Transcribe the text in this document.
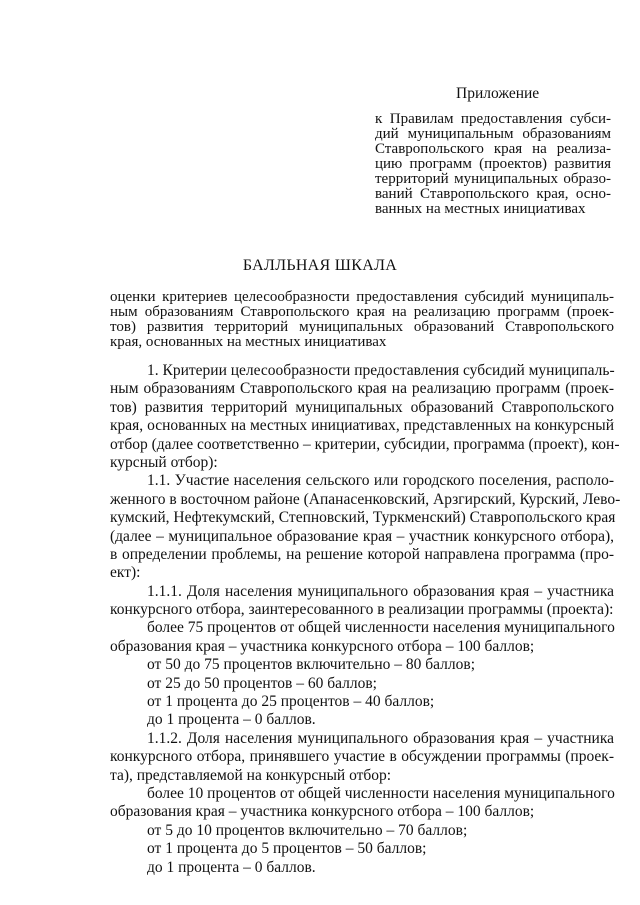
Приложение
к Правилам предоставления субси-
дий муниципальным образованиям
Ставропольского края на реализа-
цию программ (проектов) развития
территорий муниципальных образо-
ваний Ставропольского края, осно-
ванных на местных инициативах
БАЛЛЬНАЯ ШКАЛА
оценки критериев целесообразности предоставления субсидий муниципаль-
ным образованиям Ставропольского края на реализацию программ (проек-
тов) развития территорий муниципальных образований Ставропольского
края, основанных на местных инициативах
1. Критерии целесообразности предоставления субсидий муниципаль-
ным образованиям Ставропольского края на реализацию программ (проек-
тов) развития территорий муниципальных образований Ставропольского
края, основанных на местных инициативах, представленных на конкурсный
отбор (далее соответственно – критерии, субсидии, программа (проект), кон-
курсный отбор):
1.1. Участие населения сельского или городского поселения, располо-
женного в восточном районе (Апанасенковский, Арзгирский, Курский, Лево-
кумский, Нефтекумский, Степновский, Туркменский) Ставропольского края
(далее – муниципальное образование края – участник конкурсного отбора),
в определении проблемы, на решение которой направлена программа (про-
ект):
1.1.1. Доля населения муниципального образования края – участника
конкурсного отбора, заинтересованного в реализации программы (проекта):
более 75 процентов от общей численности населения муниципального
образования края – участника конкурсного отбора – 100 баллов;
от 50 до 75 процентов включительно – 80 баллов;
от 25 до 50 процентов – 60 баллов;
от 1 процента до 25 процентов – 40 баллов;
до 1 процента – 0 баллов.
1.1.2. Доля населения муниципального образования края – участника
конкурсного отбора, принявшего участие в обсуждении программы (проек-
та), представляемой на конкурсный отбор:
более 10 процентов от общей численности населения муниципального
образования края – участника конкурсного отбора – 100 баллов;
от 5 до 10 процентов включительно – 70 баллов;
от 1 процента до 5 процентов – 50 баллов;
до 1 процента – 0 баллов.
